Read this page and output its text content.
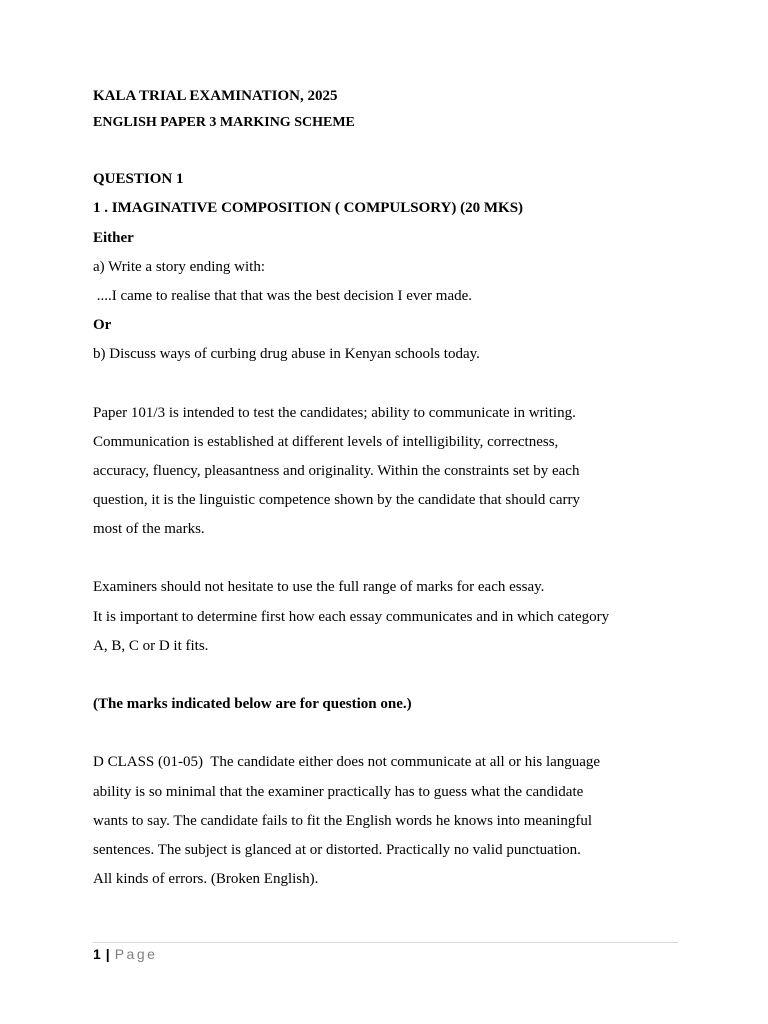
KALA TRIAL EXAMINATION, 2025

ENGLISH PAPER 3 MARKING SCHEME

QUESTION 1

1 . IMAGINATIVE COMPOSITION ( COMPULSORY) (20 MKS)

Either

a) Write a story ending with:

....I came to realise that that was the best decision I ever made.

Or

b) Discuss ways of curbing drug abuse in Kenyan schools today.

Paper 101/3 is intended to test the candidates; ability to communicate in writing.

Communication is established at different levels of intelligibility, correctness,

accuracy, fluency, pleasantness and originality. Within the constraints set by each

question, it is the linguistic competence shown by the candidate that should carry

most of the marks.

Examiners should not hesitate to use the full range of marks for each essay.

It is important to determine first how each essay communicates and in which category

A, B, C or D it fits.

(The marks indicated below are for question one.)

D CLASS (01-05)  The candidate either does not communicate at all or his language

ability is so minimal that the examiner practically has to guess what the candidate

wants to say. The candidate fails to fit the English words he knows into meaningful

sentences. The subject is glanced at or distorted. Practically no valid punctuation.

All kinds of errors. (Broken English).

1 | Page
